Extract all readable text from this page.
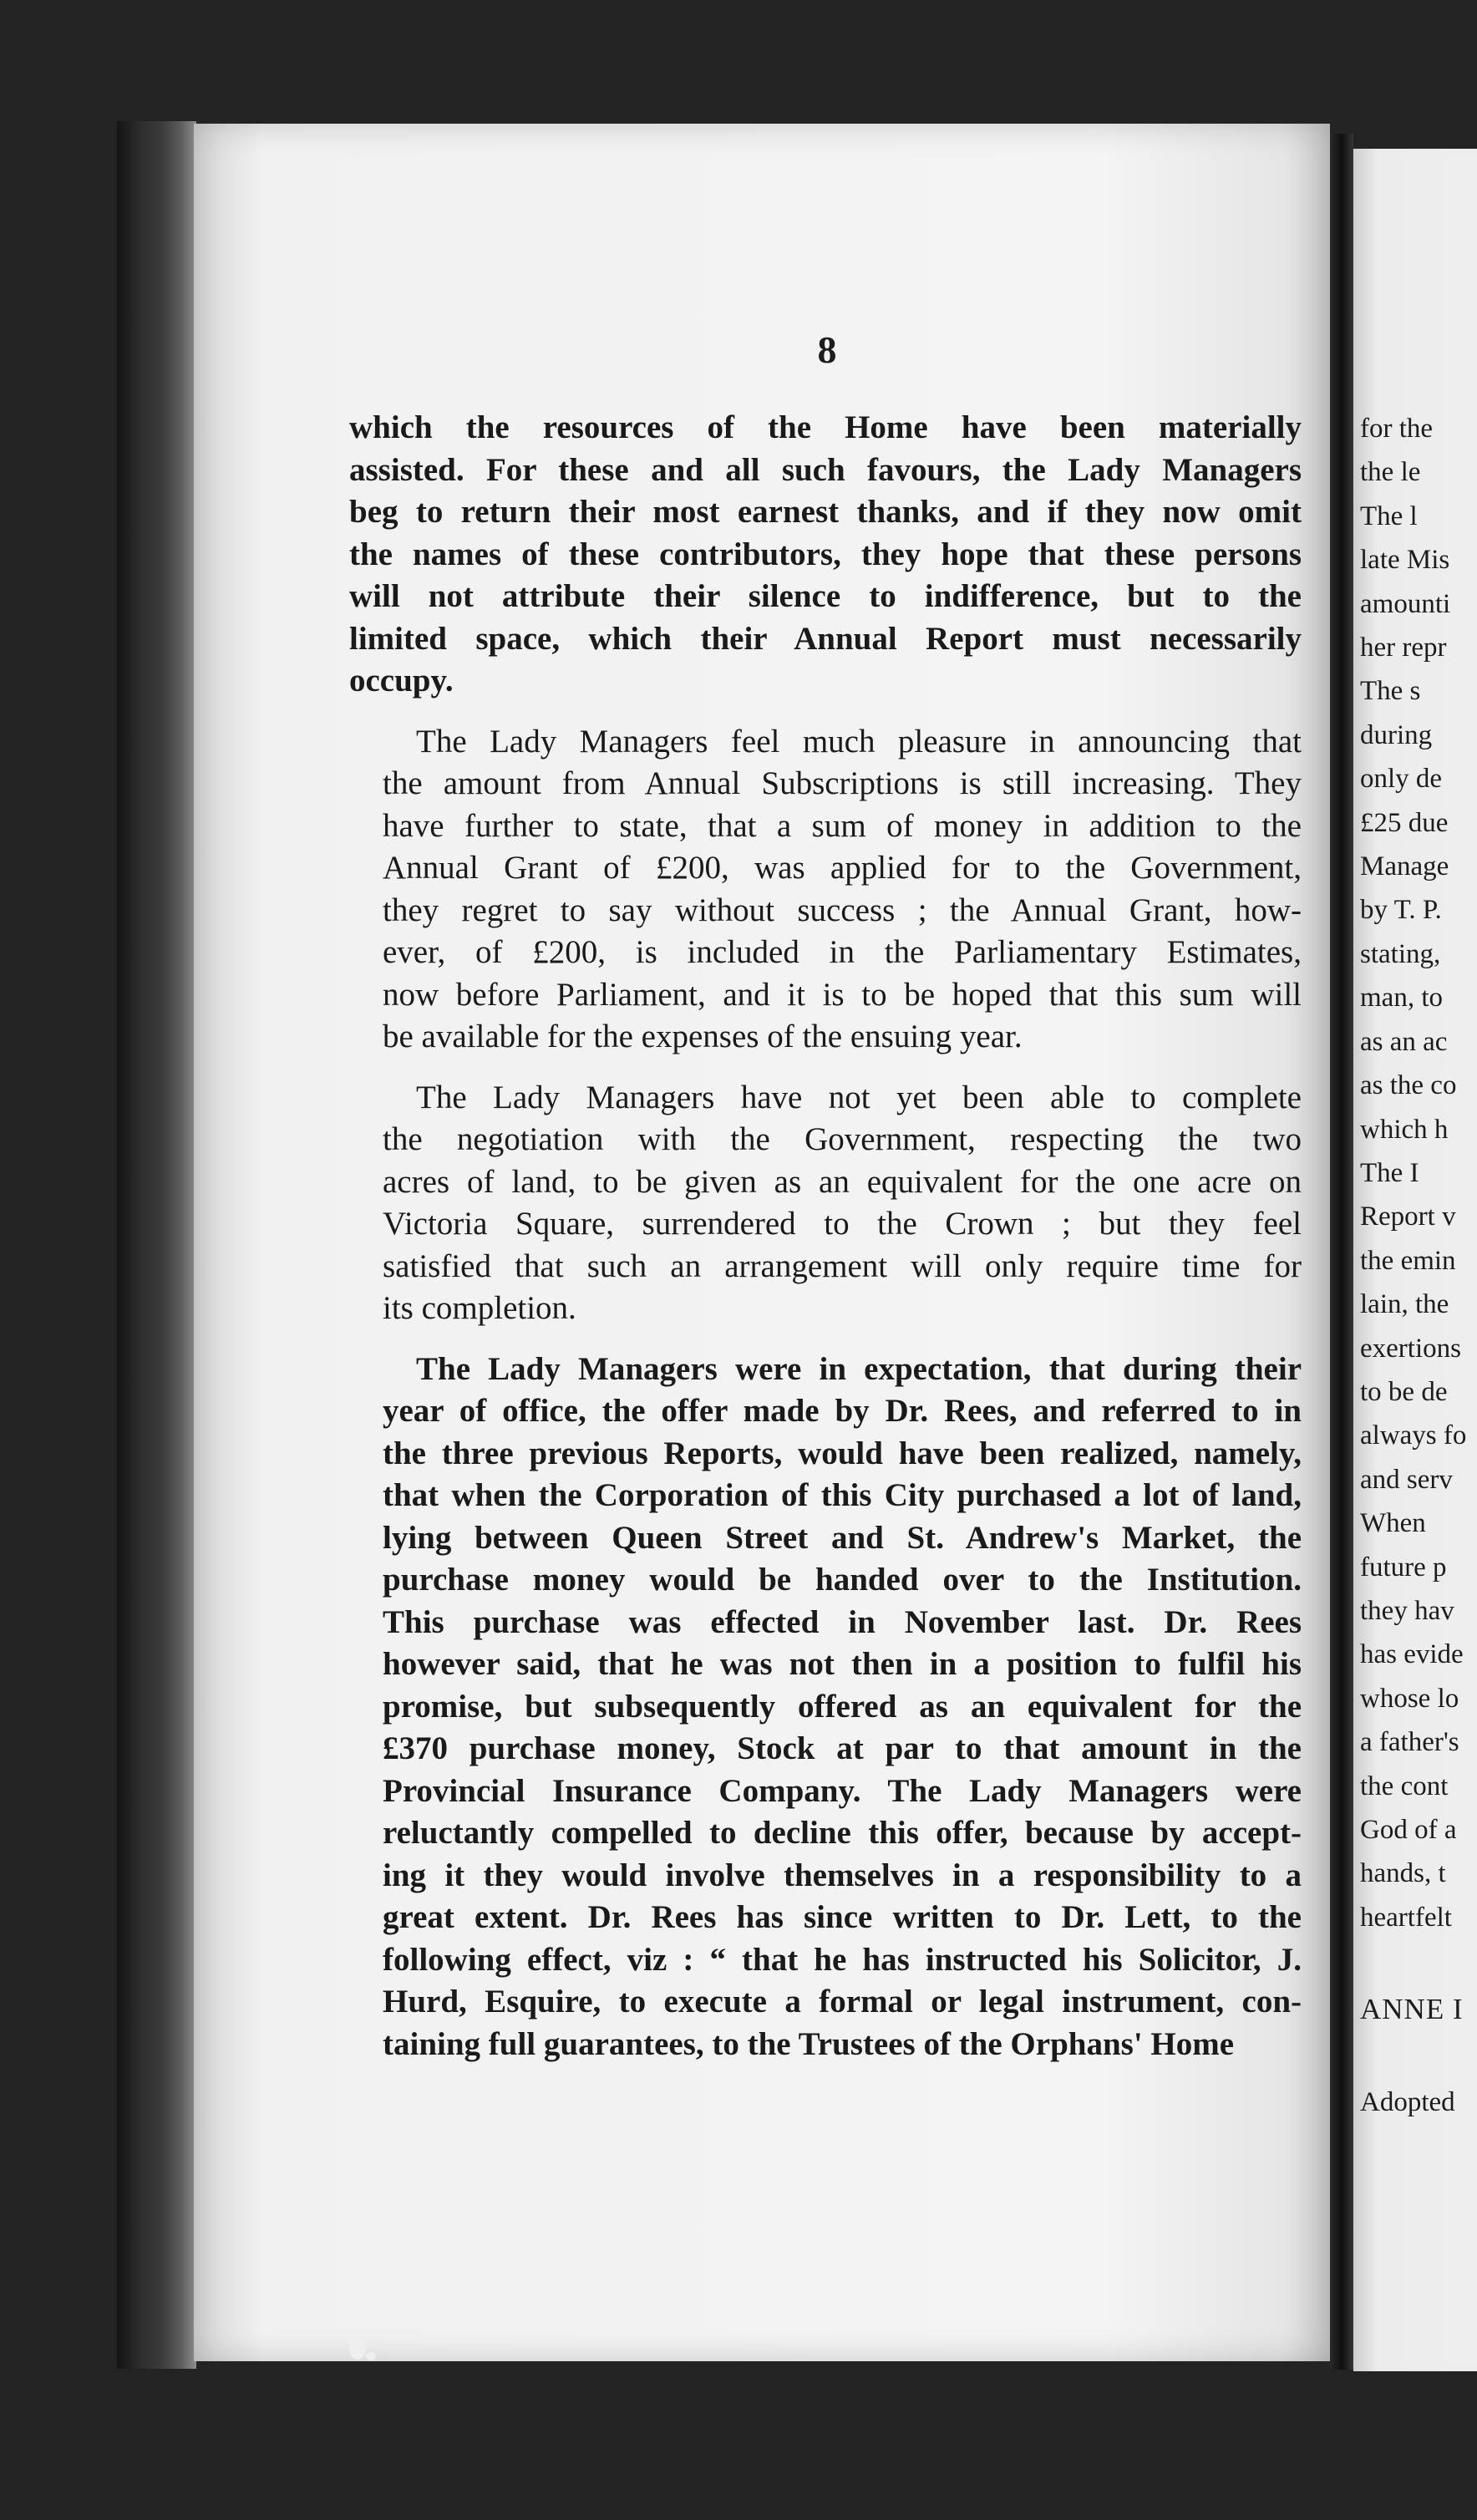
8
which the resources of the Home have been materially
assisted. For these and all such favours, the Lady Managers
beg to return their most earnest thanks, and if they now omit
the names of these contributors, they hope that these persons
will not attribute their silence to indifference, but to the
limited space, which their Annual Report must necessarily
occupy.
The Lady Managers feel much pleasure in announcing that
the amount from Annual Subscriptions is still increasing. They
have further to state, that a sum of money in addition to the
Annual Grant of £200, was applied for to the Government,
they regret to say without success ; the Annual Grant, how-
ever, of £200, is included in the Parliamentary Estimates,
now before Parliament, and it is to be hoped that this sum will
be available for the expenses of the ensuing year.
The Lady Managers have not yet been able to complete
the negotiation with the Government, respecting the two
acres of land, to be given as an equivalent for the one acre on
Victoria Square, surrendered to the Crown ; but they feel
satisfied that such an arrangement will only require time for
its completion.
The Lady Managers were in expectation, that during their
year of office, the offer made by Dr. Rees, and referred to in
the three previous Reports, would have been realized, namely,
that when the Corporation of this City purchased a lot of land,
lying between Queen Street and St. Andrew's Market, the
purchase money would be handed over to the Institution.
This purchase was effected in November last. Dr. Rees
however said, that he was not then in a position to fulfil his
promise, but subsequently offered as an equivalent for the
£370 purchase money, Stock at par to that amount in the
Provincial Insurance Company. The Lady Managers were
reluctantly compelled to decline this offer, because by accept-
ing it they would involve themselves in a responsibility to a
great extent. Dr. Rees has since written to Dr. Lett, to the
following effect, viz : “ that he has instructed his Solicitor, J.
Hurd, Esquire, to execute a formal or legal instrument, con-
taining full guarantees, to the Trustees of the Orphans' Home
for the
the le
The l
late Mis
amounti
her repr
The s
during
only de
£25 due
Manage
by T. P.
stating,
man, to
as an ac
as the co
which h
The I
Report v
the emin
lain, the
exertions
to be de
always fo
and serv
When
future p
they hav
has evide
whose lo
a father's
the cont
God of a
hands, t
heartfelt
ANNE I
Adopted
